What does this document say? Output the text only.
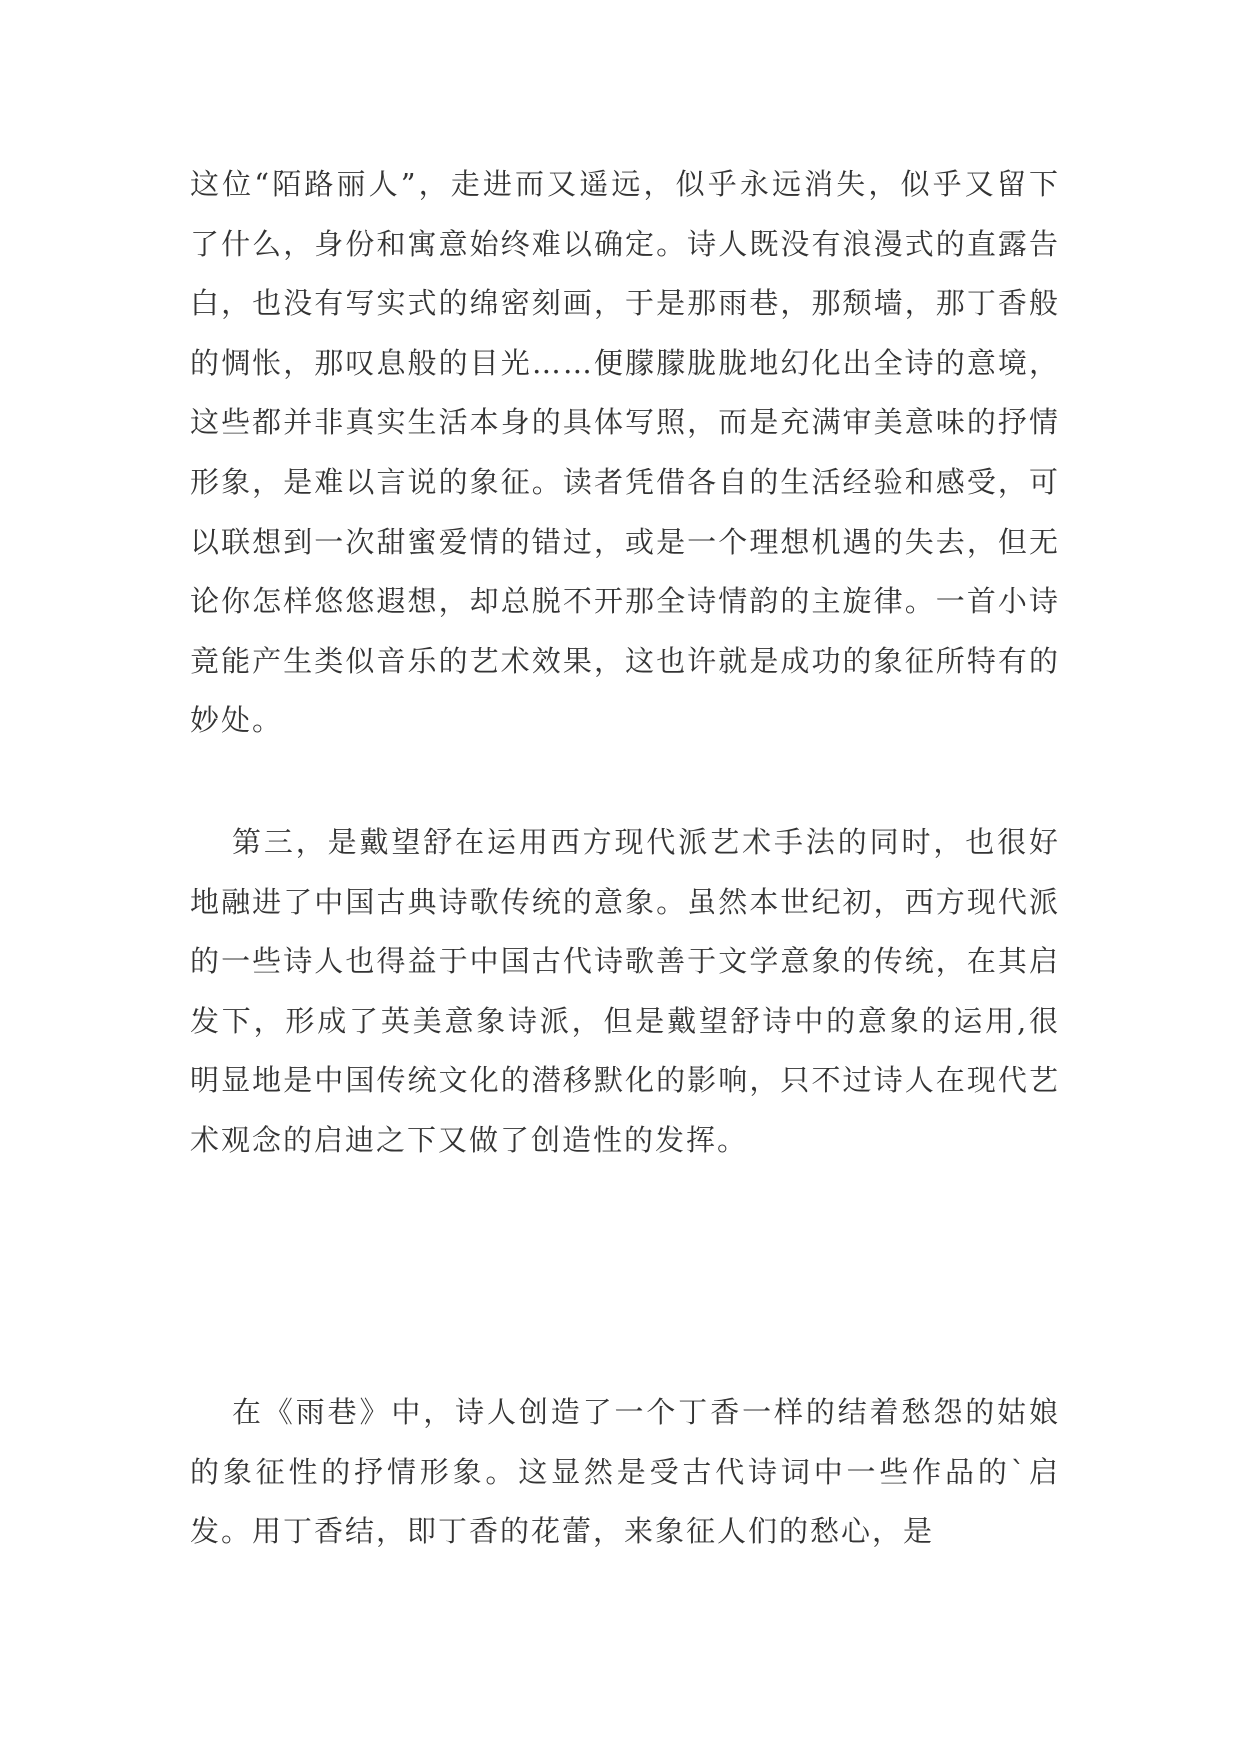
这位“陌路丽人”，走进而又遥远，似乎永远消失，似乎又留下了什么，身份和寓意始终难以确定。诗人既没有浪漫式的直露告白，也没有写实式的绵密刻画，于是那雨巷，那颓墙，那丁香般的惆怅，那叹息般的目光……便朦朦胧胧地幻化出全诗的意境，这些都并非真实生活本身的具体写照，而是充满审美意味的抒情形象，是难以言说的象征。读者凭借各自的生活经验和感受，可以联想到一次甜蜜爱情的错过，或是一个理想机遇的失去，但无论你怎样悠悠遐想，却总脱不开那全诗情韵的主旋律。一首小诗竟能产生类似音乐的艺术效果，这也许就是成功的象征所特有的妙处。

第三，是戴望舒在运用西方现代派艺术手法的同时，也很好地融进了中国古典诗歌传统的意象。虽然本世纪初，西方现代派的一些诗人也得益于中国古代诗歌善于文学意象的传统，在其启发下，形成了英美意象诗派，但是戴望舒诗中的意象的运用,很明显地是中国传统文化的潜移默化的影响，只不过诗人在现代艺术观念的启迪之下又做了创造性的发挥。

在《雨巷》中，诗人创造了一个丁香一样的结着愁怨的姑娘的象征性的抒情形象。这显然是受古代诗词中一些作品的`启发。用丁香结，即丁香的花蕾，来象征人们的愁心，是
